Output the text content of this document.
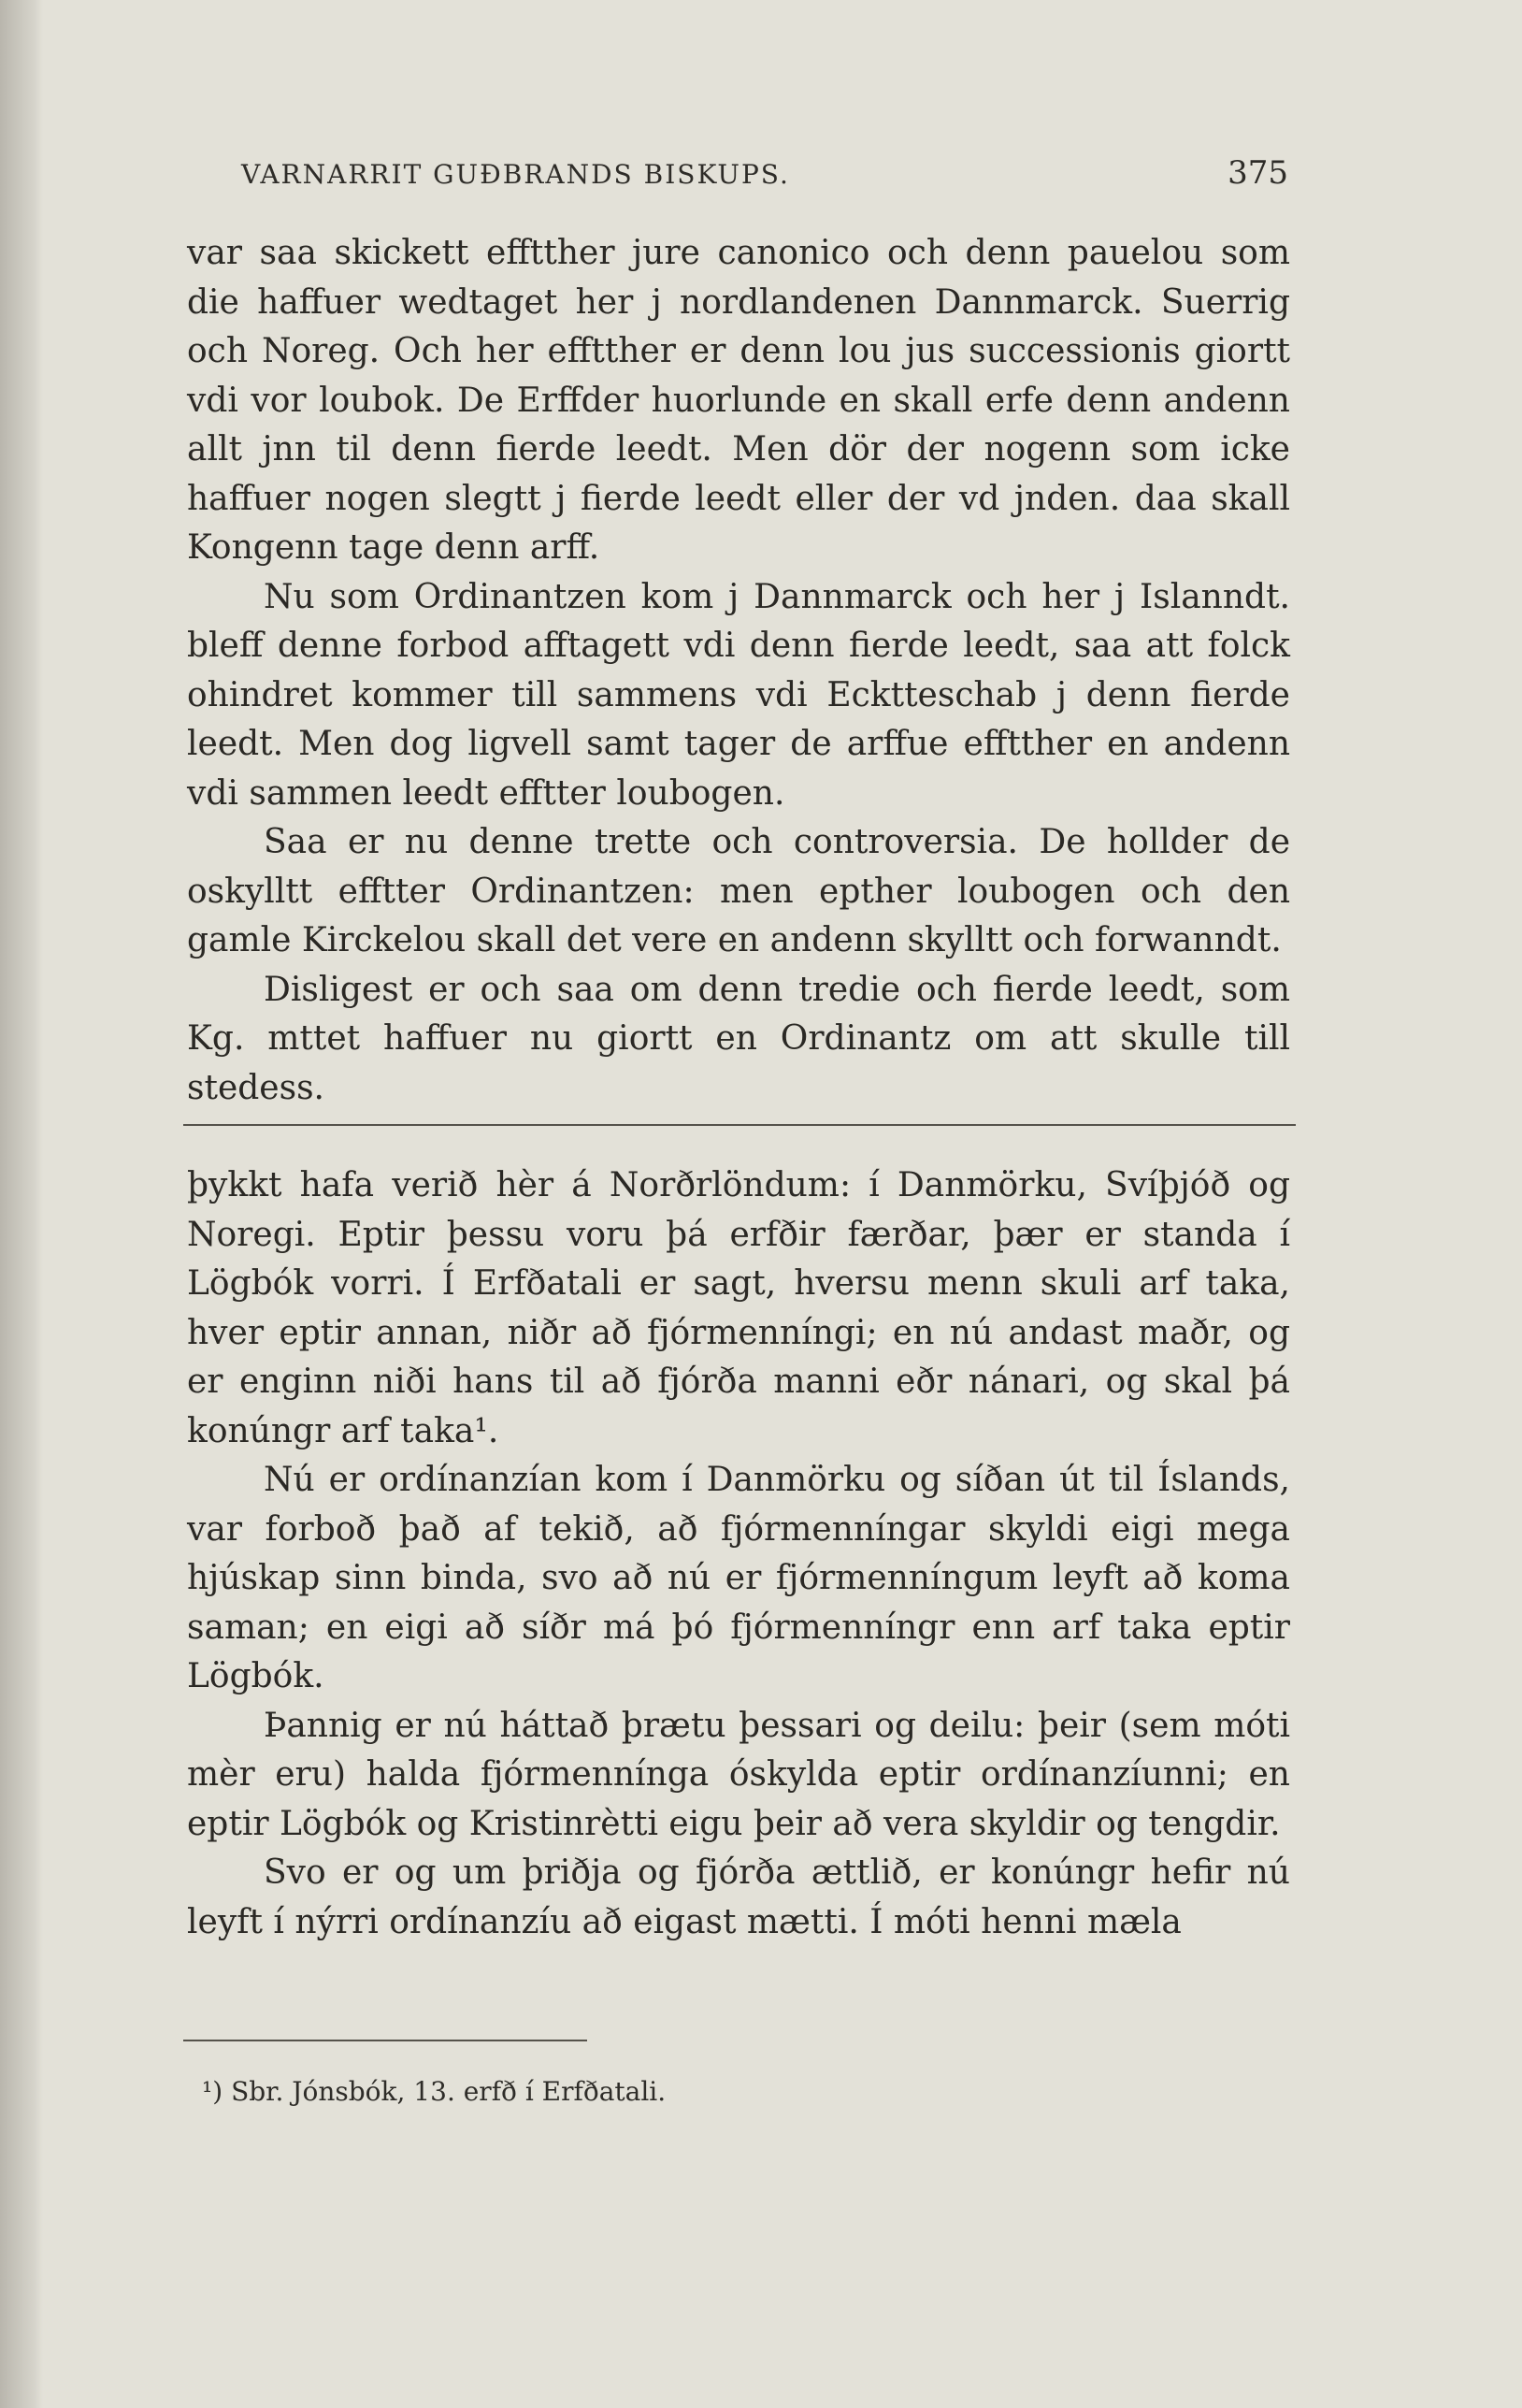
VARNARRIT GUÐBRANDS BISKUPS.	375

var saa skickett efftther jure canonico och denn pauelou som die haffuer wedtaget her j nordlandenen Dannmarck. Suerrig och Noreg. Och her efftther er denn lou jus successionis giortt vdi vor loubok. De Erffder huorlunde en skall erfe denn andenn allt jnn til denn fierde leedt. Men dör der nogenn som icke haffuer nogen slegtt j fierde leedt eller der vd jnden. daa skall Kongenn tage denn arff.

Nu som Ordinantzen kom j Dannmarck och her j Islanndt. bleff denne forbod afftagett vdi denn fierde leedt, saa att folck ohindret kommer till sammens vdi Ecktteschab j denn fierde leedt. Men dog ligvell samt tager de arffue efftther en andenn vdi sammen leedt efftter loubogen.

Saa er nu denne trette och controversia. De hollder de oskylltt efftter Ordinantzen: men epther loubogen och den gamle Kirckelou skall det vere en andenn skylltt och forwanndt.

Disligest er och saa om denn tredie och fierde leedt, som Kg. mttet haffuer nu giortt en Ordinantz om att skulle till stedess.

þykkt hafa verið hèr á Norðrlöndum: í Danmörku, Svíþjóð og Noregi. Eptir þessu voru þá erfðir færðar, þær er standa í Lögbók vorri. Í Erfðatali er sagt, hversu menn skuli arf taka, hver eptir annan, niðr að fjórmenníngi; en nú andast maðr, og er enginn niði hans til að fjórða manni eðr nánari, og skal þá konúngr arf taka¹.

Nú er ordínanzían kom í Danmörku og síðan út til Íslands, var forboð það af tekið, að fjórmenníngar skyldi eigi mega hjúskap sinn binda, svo að nú er fjórmenníngum leyft að koma saman; en eigi að síðr má þó fjórmenníngr enn arf taka eptir Lögbók.

Þannig er nú háttað þrætu þessari og deilu: þeir (sem móti mèr eru) halda fjórmennínga óskylda eptir ordínanzíunni; en eptir Lögbók og Kristinrètti eigu þeir að vera skyldir og tengdir.

Svo er og um þriðja og fjórða ættlið, er konúngr hefir nú leyft í nýrri ordínanzíu að eigast mætti. Í móti henni mæla

¹) Sbr. Jónsbók, 13. erfð í Erfðatali.
